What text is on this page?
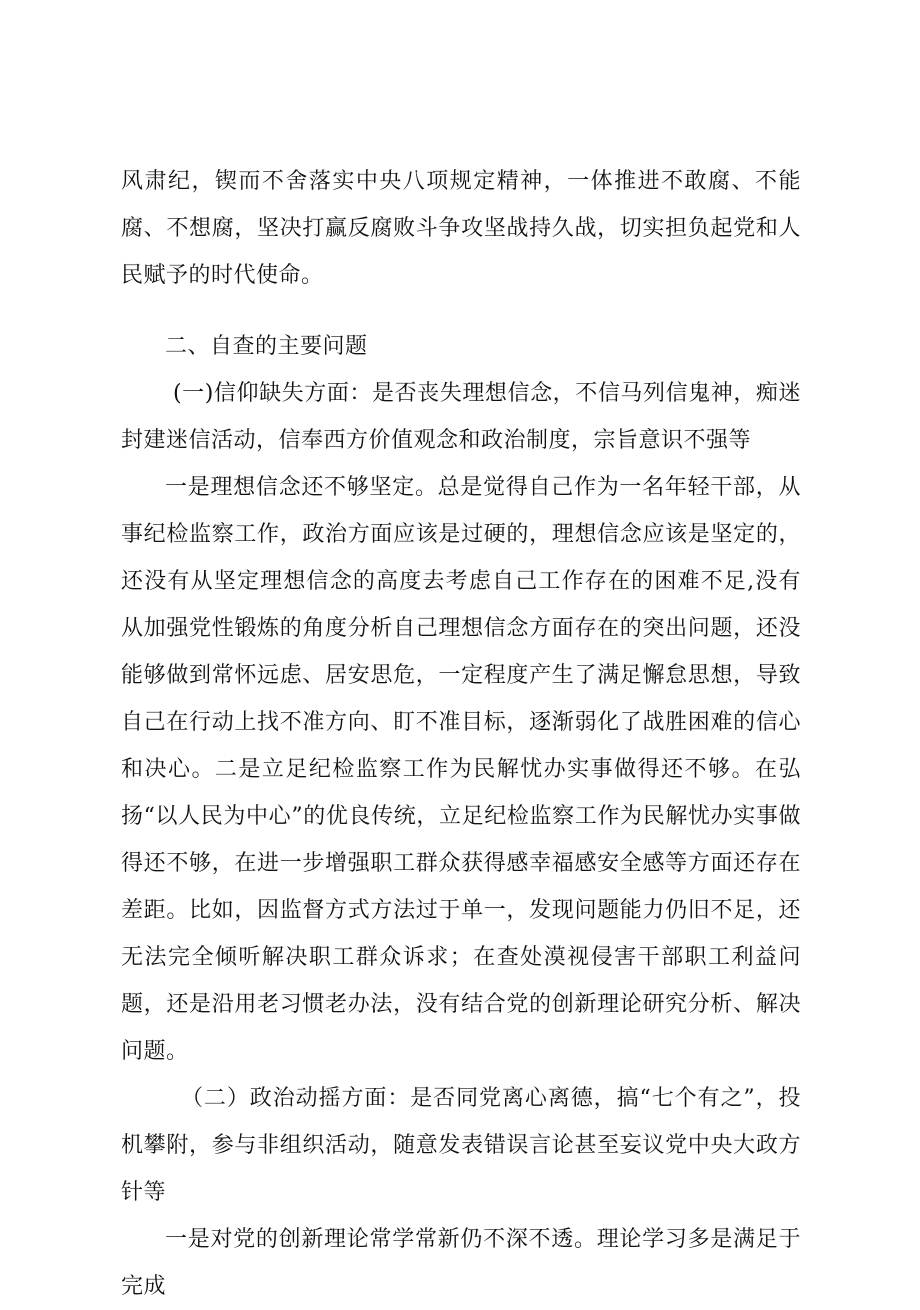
风肃纪，锲而不舍落实中央八项规定精神，一体推进不敢腐、不能腐、不想腐，坚决打赢反腐败斗争攻坚战持久战，切实担负起党和人民赋予的时代使命。

二、自查的主要问题

(一)信仰缺失方面：是否丧失理想信念，不信马列信鬼神，痴迷封建迷信活动，信奉西方价值观念和政治制度，宗旨意识不强等

一是理想信念还不够坚定。总是觉得自己作为一名年轻干部，从事纪检监察工作，政治方面应该是过硬的，理想信念应该是坚定的，还没有从坚定理想信念的高度去考虑自己工作存在的困难不足,没有从加强党性锻炼的角度分析自己理想信念方面存在的突出问题，还没能够做到常怀远虑、居安思危，一定程度产生了满足懈怠思想，导致自己在行动上找不准方向、盯不准目标，逐渐弱化了战胜困难的信心和决心。二是立足纪检监察工作为民解忧办实事做得还不够。在弘扬“以人民为中心”的优良传统，立足纪检监察工作为民解忧办实事做得还不够，在进一步增强职工群众获得感幸福感安全感等方面还存在差距。比如，因监督方式方法过于单一，发现问题能力仍旧不足，还无法完全倾听解决职工群众诉求；在查处漠视侵害干部职工利益问题，还是沿用老习惯老办法，没有结合党的创新理论研究分析、解决问题。

（二）政治动摇方面：是否同党离心离德，搞“七个有之”，投机攀附，参与非组织活动，随意发表错误言论甚至妄议党中央大政方针等

一是对党的创新理论常学常新仍不深不透。理论学习多是满足于完成
